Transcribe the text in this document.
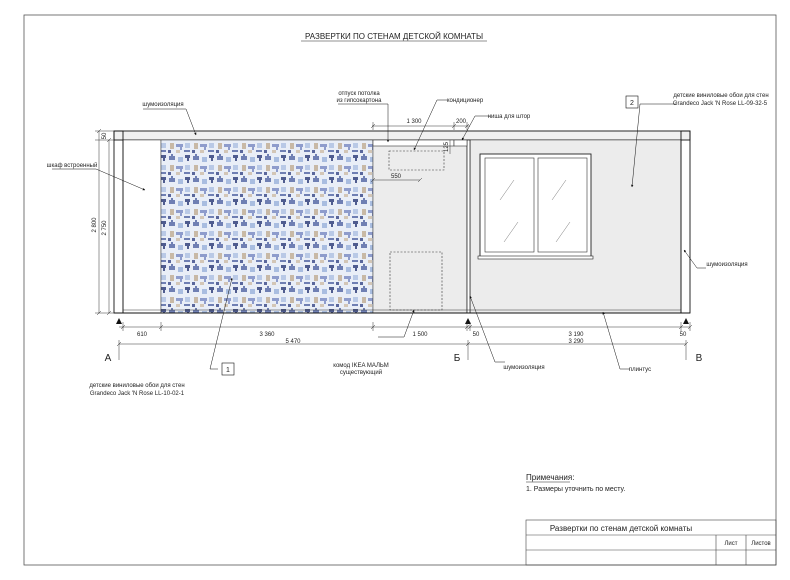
РАЗВЕРТКИ ПО СТЕНАМ ДЕТСКОЙ КОМНАТЫ
1 300	200
550
125
50
2 800 2 750
610	3 360	1 500	50	3 190	50
5 470	3 290
А	Б	В
1
2
шумоизоляция
отпуск потолка
из гипсокартона	кондиционер
ниша для штор
детские виниловые обои для стен
Grandeco Jack 'N Rose LL-09-32-5
шкаф встроенный
шумоизоляция
комод IKEA МАЛЬМ
существующий
шумоизоляция	плинтус
детские виниловые обои для стен
Grandeco Jack 'N Rose LL-10-02-1
Примечания:
1. Размеры уточнить по месту.
Развертки по стенам детской комнаты
Лист Листов
